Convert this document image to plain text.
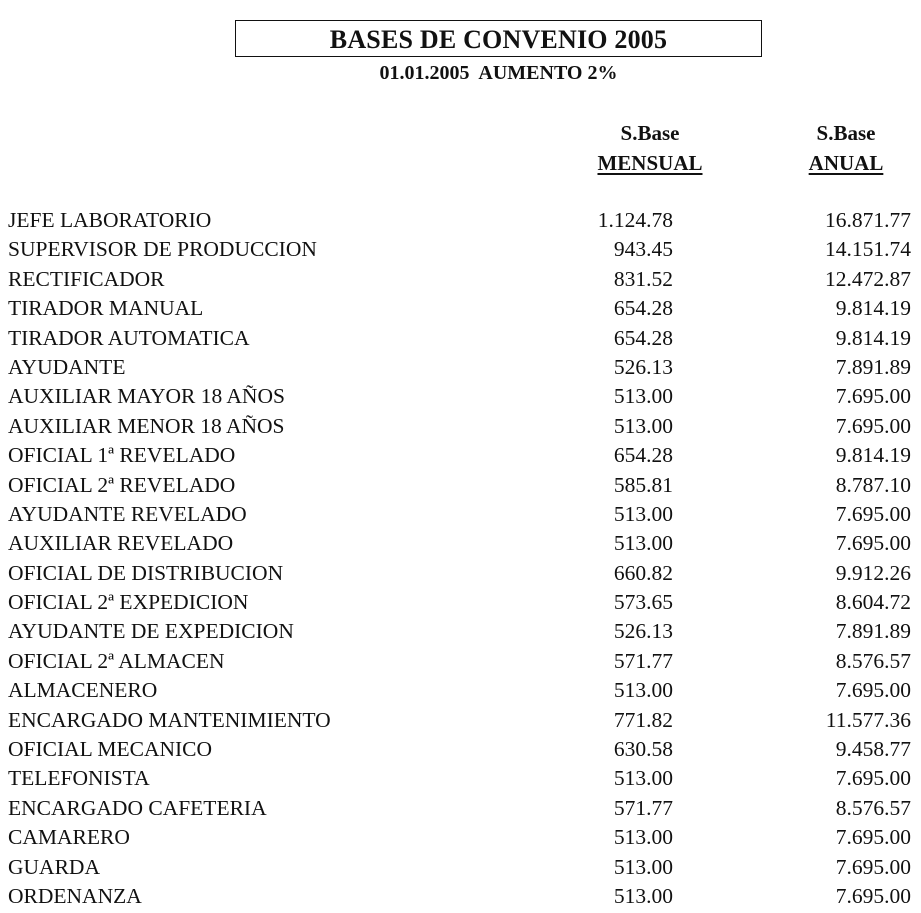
BASES DE CONVENIO 2005
01.01.2005  AUMENTO 2%
S.Base
MENSUAL
S.Base
ANUAL
JEFE LABORATORIO	1.124.78	16.871.77
SUPERVISOR DE PRODUCCION	943.45	14.151.74
RECTIFICADOR	831.52	12.472.87
TIRADOR MANUAL	654.28	9.814.19
TIRADOR AUTOMATICA	654.28	9.814.19
AYUDANTE	526.13	7.891.89
AUXILIAR MAYOR 18 AÑOS	513.00	7.695.00
AUXILIAR MENOR 18 AÑOS	513.00	7.695.00
OFICIAL 1ª REVELADO	654.28	9.814.19
OFICIAL 2ª REVELADO	585.81	8.787.10
AYUDANTE REVELADO	513.00	7.695.00
AUXILIAR REVELADO	513.00	7.695.00
OFICIAL DE DISTRIBUCION	660.82	9.912.26
OFICIAL 2ª EXPEDICION	573.65	8.604.72
AYUDANTE DE EXPEDICION	526.13	7.891.89
OFICIAL 2ª ALMACEN	571.77	8.576.57
ALMACENERO	513.00	7.695.00
ENCARGADO MANTENIMIENTO	771.82	11.577.36
OFICIAL MECANICO	630.58	9.458.77
TELEFONISTA	513.00	7.695.00
ENCARGADO CAFETERIA	571.77	8.576.57
CAMARERO	513.00	7.695.00
GUARDA	513.00	7.695.00
ORDENANZA	513.00	7.695.00
